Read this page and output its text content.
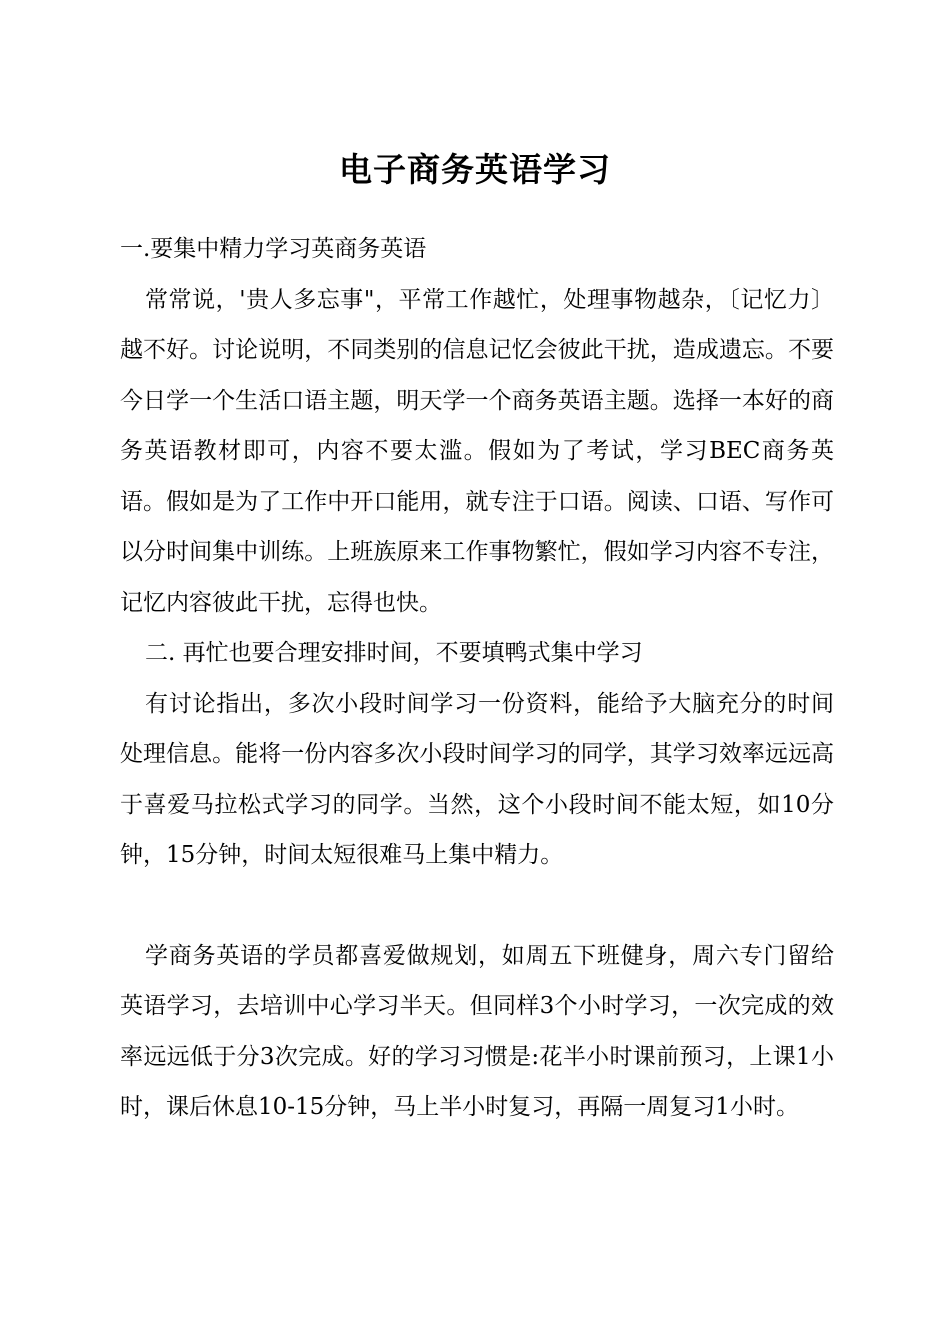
电子商务英语学习

一.要集中精力学习英商务英语

常常说，'贵人多忘事"，平常工作越忙，处理事物越杂，〔记忆力〕越不好。讨论说明，不同类别的信息记忆会彼此干扰，造成遗忘。不要今日学一个生活口语主题，明天学一个商务英语主题。选择一本好的商务英语教材即可，内容不要太滥。假如为了考试，学习BEC商务英语。假如是为了工作中开口能用，就专注于口语。阅读、口语、写作可以分时间集中训练。上班族原来工作事物繁忙，假如学习内容不专注，记忆内容彼此干扰，忘得也快。

二. 再忙也要合理安排时间，不要填鸭式集中学习

有讨论指出，多次小段时间学习一份资料，能给予大脑充分的时间处理信息。能将一份内容多次小段时间学习的同学，其学习效率远远高于喜爱马拉松式学习的同学。当然，这个小段时间不能太短，如10分钟，15分钟，时间太短很难马上集中精力。

学商务英语的学员都喜爱做规划，如周五下班健身，周六专门留给英语学习，去培训中心学习半天。但同样3个小时学习，一次完成的效率远远低于分3次完成。好的学习习惯是:花半小时课前预习，上课1小时，课后休息10-15分钟，马上半小时复习，再隔一周复习1小时。
